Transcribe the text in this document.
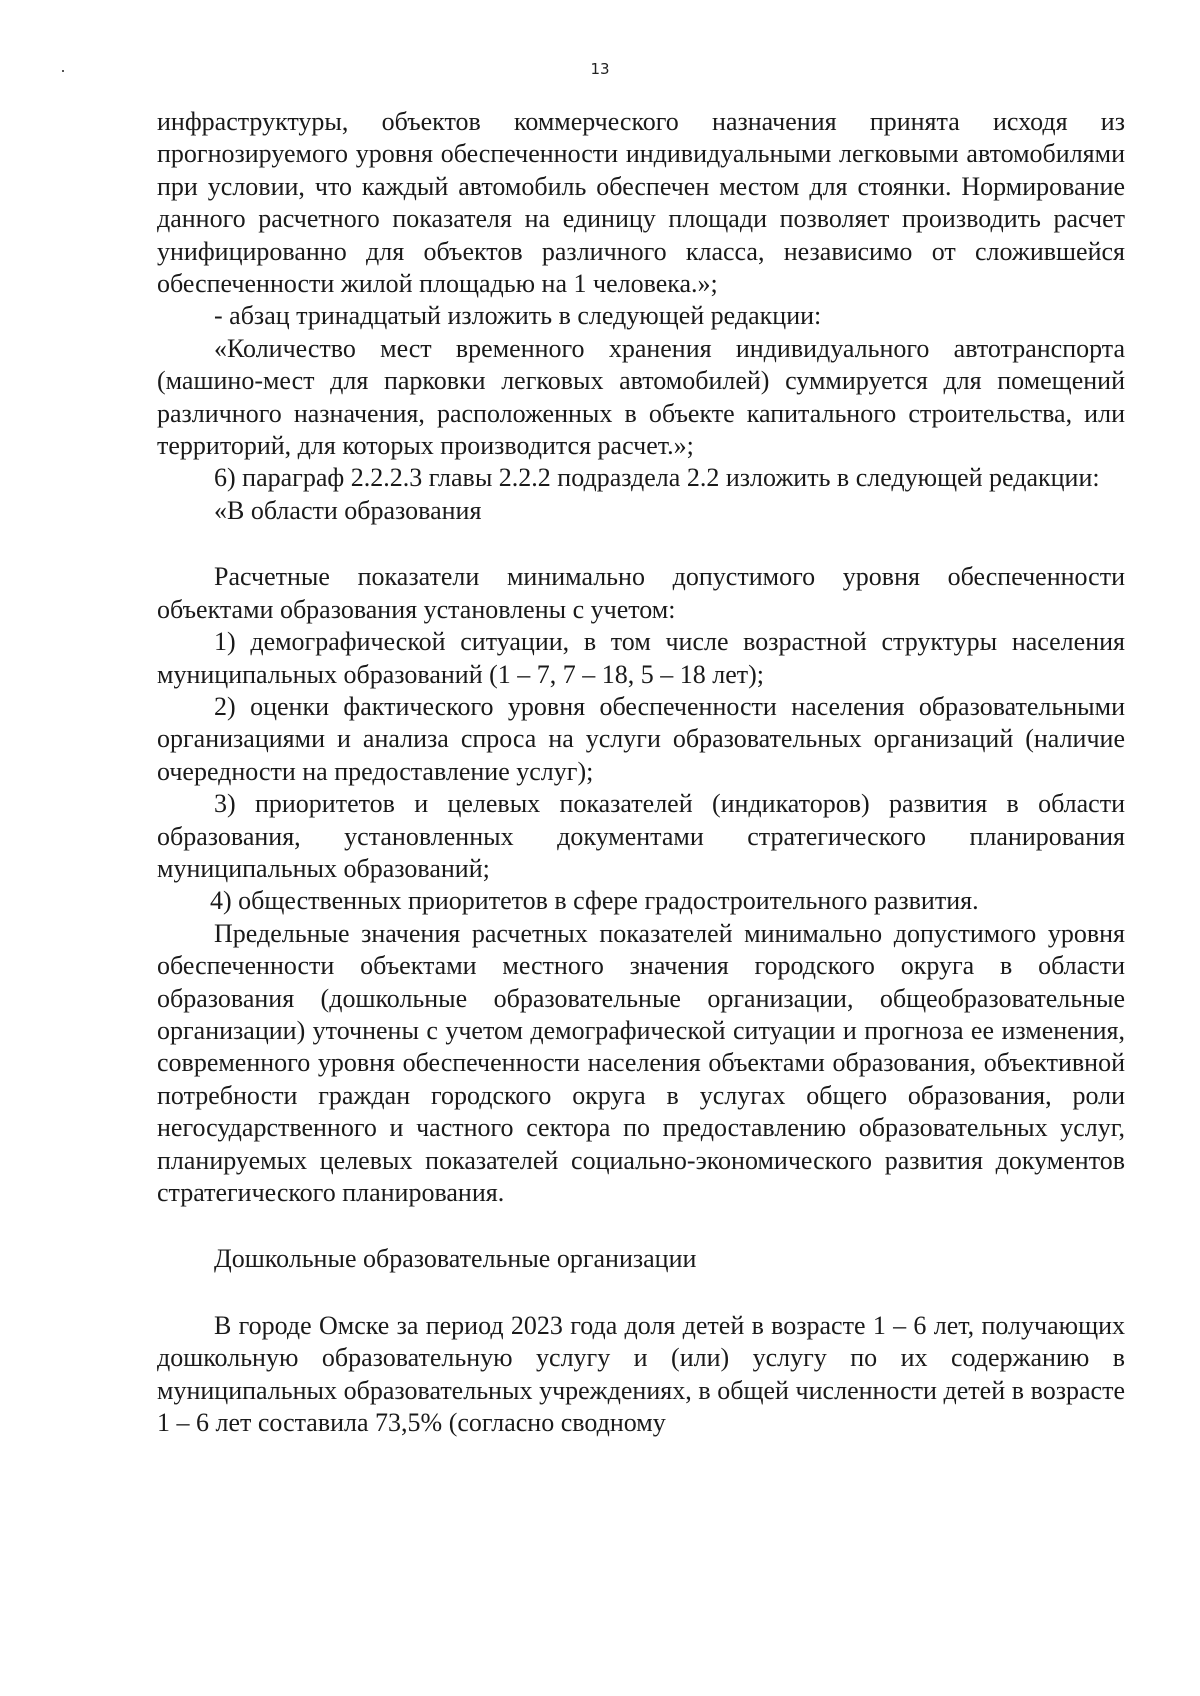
13

инфраструктуры, объектов коммерческого назначения принята исходя из прогнозируемого уровня обеспеченности индивидуальными легковыми автомобилями при условии, что каждый автомобиль обеспечен местом для стоянки. Нормирование данного расчетного показателя на единицу площади позволяет производить расчет унифицированно для объектов различного класса, независимо от сложившейся обеспеченности жилой площадью на 1 человека.»;

- абзац тринадцатый изложить в следующей редакции:

«Количество мест временного хранения индивидуального автотранспорта (машино-мест для парковки легковых автомобилей) суммируется для помещений различного назначения, расположенных в объекте капитального строительства, или территорий, для которых производится расчет.»;

6) параграф 2.2.2.3 главы 2.2.2 подраздела 2.2 изложить в следующей редакции:

«В области образования

Расчетные показатели минимально допустимого уровня обеспеченности объектами образования установлены с учетом:

1) демографической ситуации, в том числе возрастной структуры населения муниципальных образований (1 – 7, 7 – 18, 5 – 18 лет);

2) оценки фактического уровня обеспеченности населения образовательными организациями и анализа спроса на услуги образовательных организаций (наличие очередности на предоставление услуг);

3) приоритетов и целевых показателей (индикаторов) развития в области образования, установленных документами стратегического планирования муниципальных образований;

4) общественных приоритетов в сфере градостроительного развития.

Предельные значения расчетных показателей минимально допустимого уровня обеспеченности объектами местного значения городского округа в области образования (дошкольные образовательные организации, общеобразовательные организации) уточнены с учетом демографической ситуации и прогноза ее изменения, современного уровня обеспеченности населения объектами образования, объективной потребности граждан городского округа в услугах общего образования, роли негосударственного и частного сектора по предоставлению образовательных услуг, планируемых целевых показателей социально-экономического развития документов стратегического планирования.

Дошкольные образовательные организации

В городе Омске за период 2023 года доля детей в возрасте 1 – 6 лет, получающих дошкольную образовательную услугу и (или) услугу по их содержанию в муниципальных образовательных учреждениях, в общей численности детей в возрасте 1 – 6 лет составила 73,5% (согласно сводному
